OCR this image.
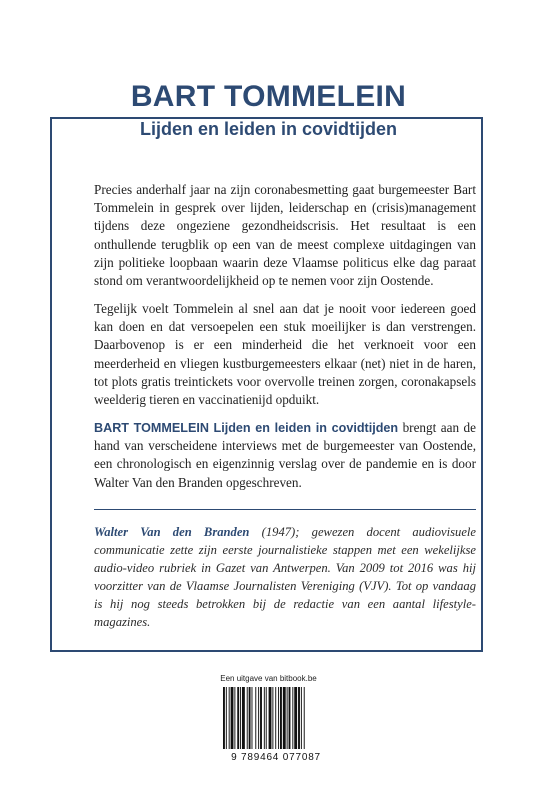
BART TOMMELEIN
Lijden en leiden in covidtijden

Precies anderhalf jaar na zijn coronabesmetting gaat burgemeester Bart Tommelein in gesprek over lijden, leiderschap en (crisis)management tijdens deze ongeziene gezondheidscrisis. Het resultaat is een onthullende terugblik op een van de meest complexe uitdagingen van zijn politieke loopbaan waarin deze Vlaamse politicus elke dag paraat stond om verantwoordelijkheid op te nemen voor zijn Oostende.

Tegelijk voelt Tommelein al snel aan dat je nooit voor iedereen goed kan doen en dat versoepelen een stuk moeilijker is dan verstrengen. Daarbovenop is er een minderheid die het verknoeit voor een meerderheid en vliegen kustburgemeesters elkaar (net) niet in de haren, tot plots gratis treintickets voor overvolle treinen zorgen, coronakapsels weelderig tieren en vaccinatienijd opduikt.

BART TOMMELEIN Lijden en leiden in covidtijden brengt aan de hand van verscheidene interviews met de burgemeester van Oostende, een chronologisch en eigenzinnig verslag over de pandemie en is door Walter Van den Branden opgeschreven.

Walter Van den Branden (1947); gewezen docent audiovisuele communicatie zette zijn eerste journalistieke stappen met een wekelijkse audio-video rubriek in Gazet van Antwerpen. Van 2009 tot 2016 was hij voorzitter van de Vlaamse Journalisten Vereniging (VJV). Tot op vandaag is hij nog steeds betrokken bij de redactie van een aantal lifestyle-magazines.

Een uitgave van bitbook.be
9 789464 077087
